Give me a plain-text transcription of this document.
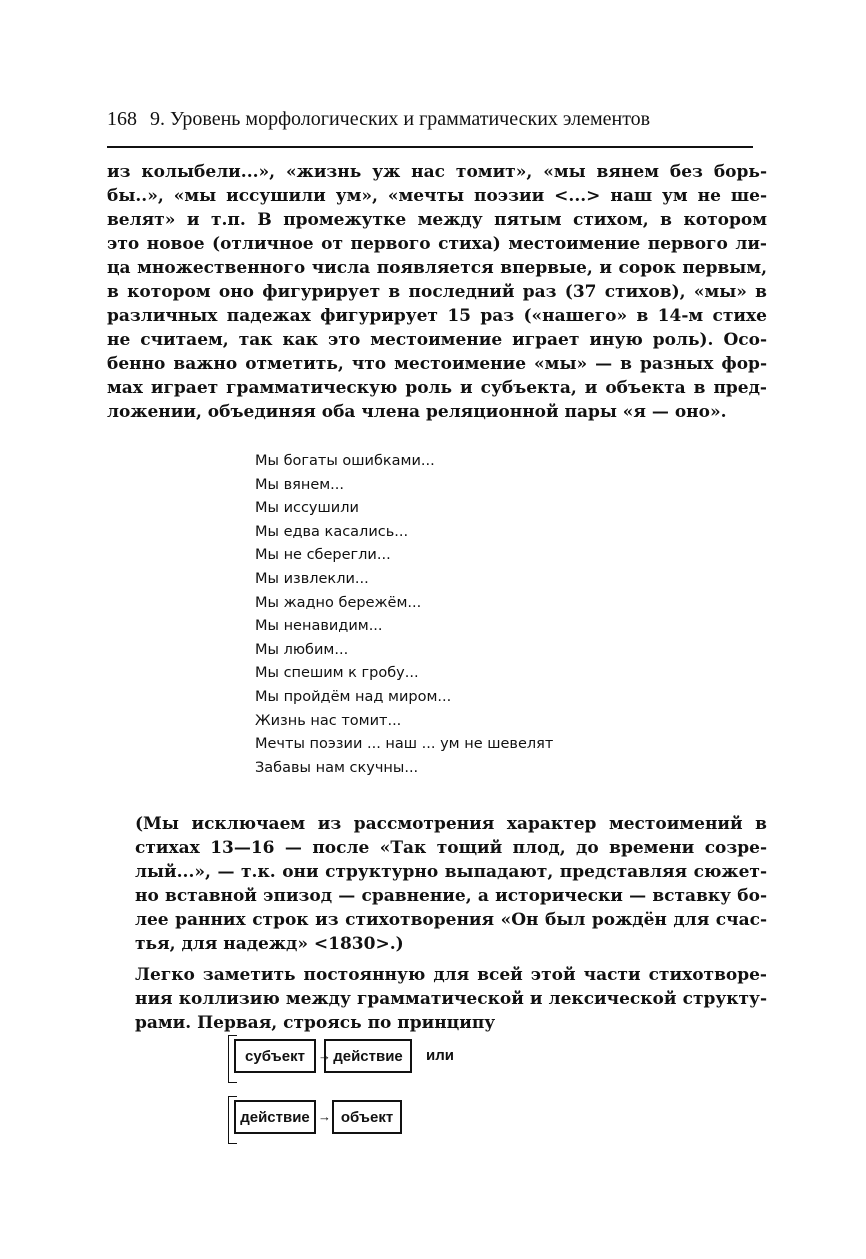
168 9. Уровень морфологических и грамматических элементов
из колыбели...», «жизнь уж нас томит», «мы вянем без борь-
бы..», «мы иссушили ум», «мечты поэзии <...> наш ум не ше-
велят» и т.п. В промежутке между пятым стихом, в котором
это новое (отличное от первого стиха) местоимение первого ли-
ца множественного числа появляется впервые, и сорок первым,
в котором оно фигурирует в последний раз (37 стихов), «мы» в
различных падежах фигурирует 15 раз («нашего» в 14-м стихе
не считаем, так как это местоимение играет иную роль). Осо-
бенно важно отметить, что местоимение «мы» — в разных фор-
мах играет грамматическую роль и субъекта, и объекта в пред-
ложении, объединяя оба члена реляционной пары «я — оно».
Мы богаты ошибками...
Мы вянем...
Мы иссушили
Мы едва касались...
Мы не сберегли...
Мы извлекли...
Мы жадно бережём...
Мы ненавидим...
Мы любим...
Мы спешим к гробу...
Мы пройдём над миром...
Жизнь нас томит...
Мечты поэзии ... наш ... ум не шевелят
Забавы нам скучны...
(Мы исключаем из рассмотрения характер местоимений в
стихах 13—16 — после «Так тощий плод, до времени созре-
лый...», — т.к. они структурно выпадают, представляя сюжет-
но вставной эпизод — сравнение, а исторически — вставку бо-
лее ранних строк из стихотворения «Он был рождён для счас-
тья, для надежд» <1830>.)
Легко заметить постоянную для всей этой части стихотворе-
ния коллизию между грамматической и лексической структу-
рами. Первая, строясь по принципу
субъект	→ действие	или
действие → объект
